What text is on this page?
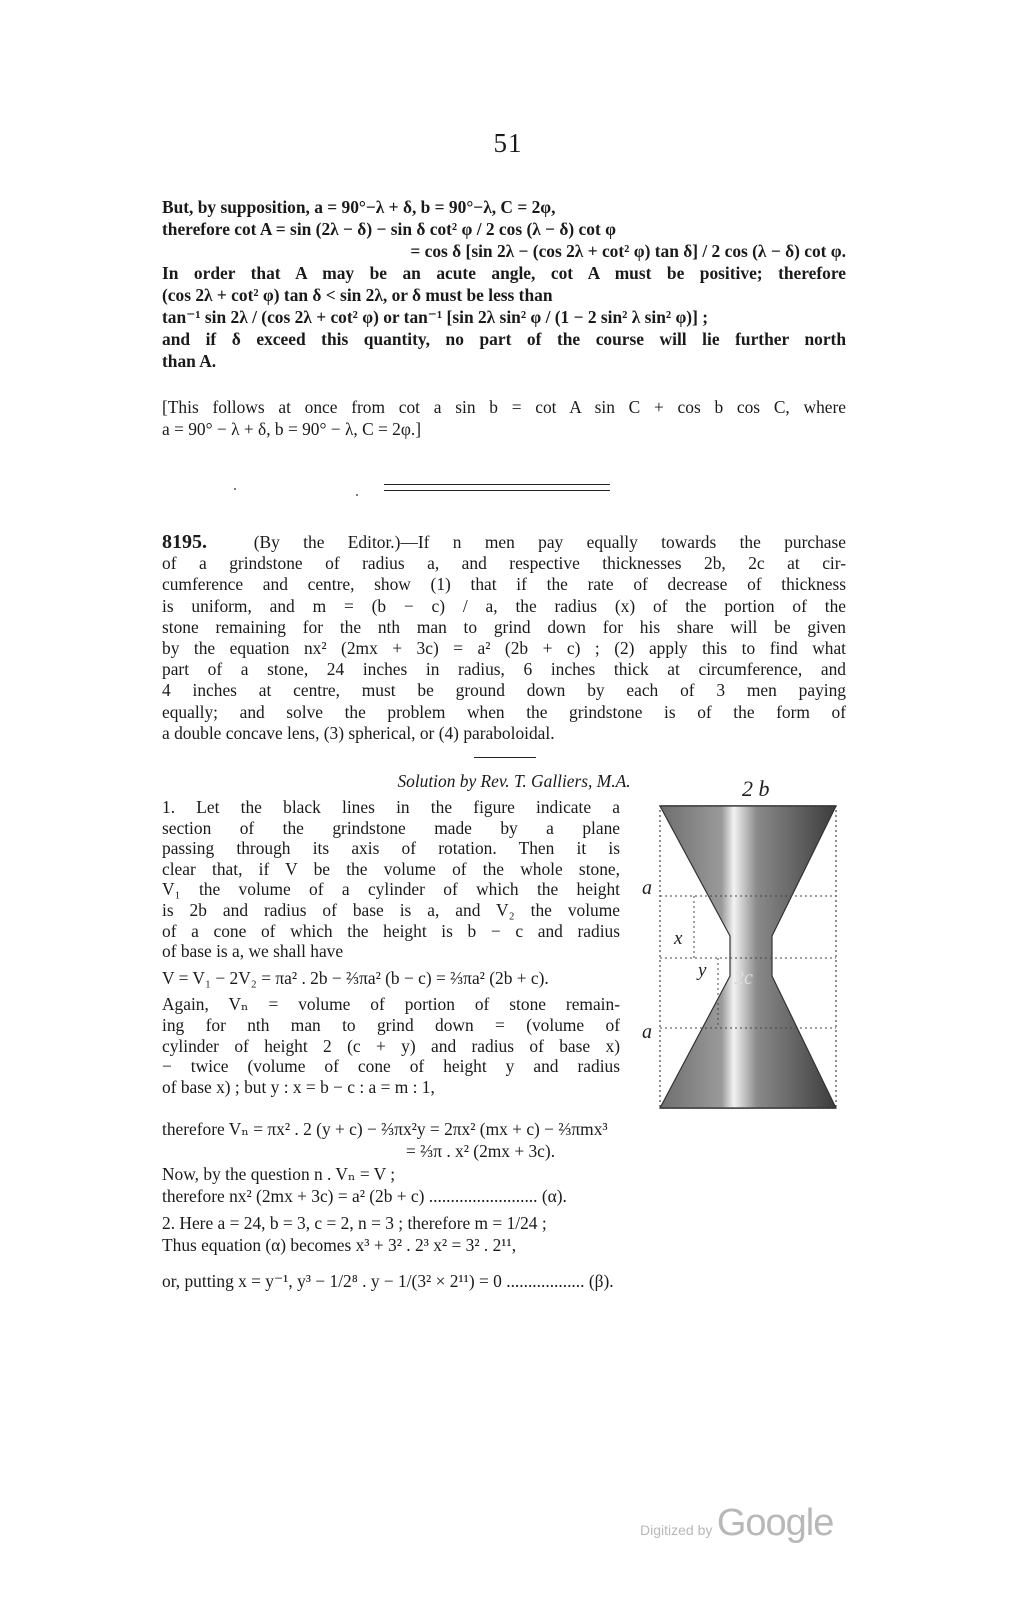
51
But, by supposition, a = 90°−λ + δ, b = 90°−λ, C = 2φ,
therefore cot A = sin (2λ − δ) − sin δ cot² φ / 2 cos (λ − δ) cot φ
= cos δ [sin 2λ − (cos 2λ + cot² φ) tan δ] / 2 cos (λ − δ) cot φ.
In order that A may be an acute angle, cot A must be positive; therefore
(cos 2λ + cot² φ) tan δ < sin 2λ, or δ must be less than
tan⁻¹ sin 2λ / (cos 2λ + cot² φ) or tan⁻¹ [sin 2λ sin² φ / (1 − 2 sin² λ sin² φ)] ;
and if δ exceed this quantity, no part of the course will lie further north
than A.
[This follows at once from cot a sin b = cot A sin C + cos b cos C, where
a = 90° − λ + δ, b = 90° − λ, C = 2φ.]
8195.	(By the Editor.)—If n men pay equally towards the purchase
of a grindstone of radius a, and respective thicknesses 2b, 2c at cir-
cumference and centre, show (1) that if the rate of decrease of thickness
is uniform, and m = (b − c) / a, the radius (x) of the portion of the
stone remaining for the nth man to grind down for his share will be given
by the equation nx² (2mx + 3c) = a² (2b + c) ; (2) apply this to find what
part of a stone, 24 inches in radius, 6 inches thick at circumference, and
4 inches at centre, must be ground down by each of 3 men paying
equally; and solve the problem when the grindstone is of the form of
a double concave lens, (3) spherical, or (4) paraboloidal.
Solution by Rev. T. Galliers, M.A.
1. Let the black lines in the figure indicate a
section of the grindstone made by a plane
passing through its axis of rotation. Then it is
clear that, if V be the volume of the whole stone,
V₁ the volume of a cylinder of which the height
is 2b and radius of base is a, and V₂ the volume
of a cone of which the height is b − c and radius
of base is a, we shall have
V = V₁ − 2V₂ = πa² . 2b − ⅔πa² (b − c) = ⅔πa² (2b + c).
Again, Vₙ = volume of portion of stone remain-
ing for nth man to grind down = (volume of
cylinder of height 2 (c + y) and radius of base x)
− twice (volume of cone of height y and radius
of base x) ; but y : x = b − c : a = m : 1,
therefore Vₙ = πx² . 2 (y + c) − ⅔πx²y = 2πx² (mx + c) − ⅔πmx³
= ⅔π . x² (2mx + 3c).
Now, by the question n . Vₙ = V ;
therefore nx² (2mx + 3c) = a² (2b + c) ......................... (α).
2. Here a = 24, b = 3, c = 2, n = 3 ; therefore m = 1/24 ;
Thus equation (α) becomes x³ + 3² . 2³ x² = 3² . 2¹¹,
or, putting x = y⁻¹, y³ − 1/2⁸ . y − 1/(3² × 2¹¹) = 0 .................. (β).
2 b
a
a
x
y 2c
Digitized by Google
